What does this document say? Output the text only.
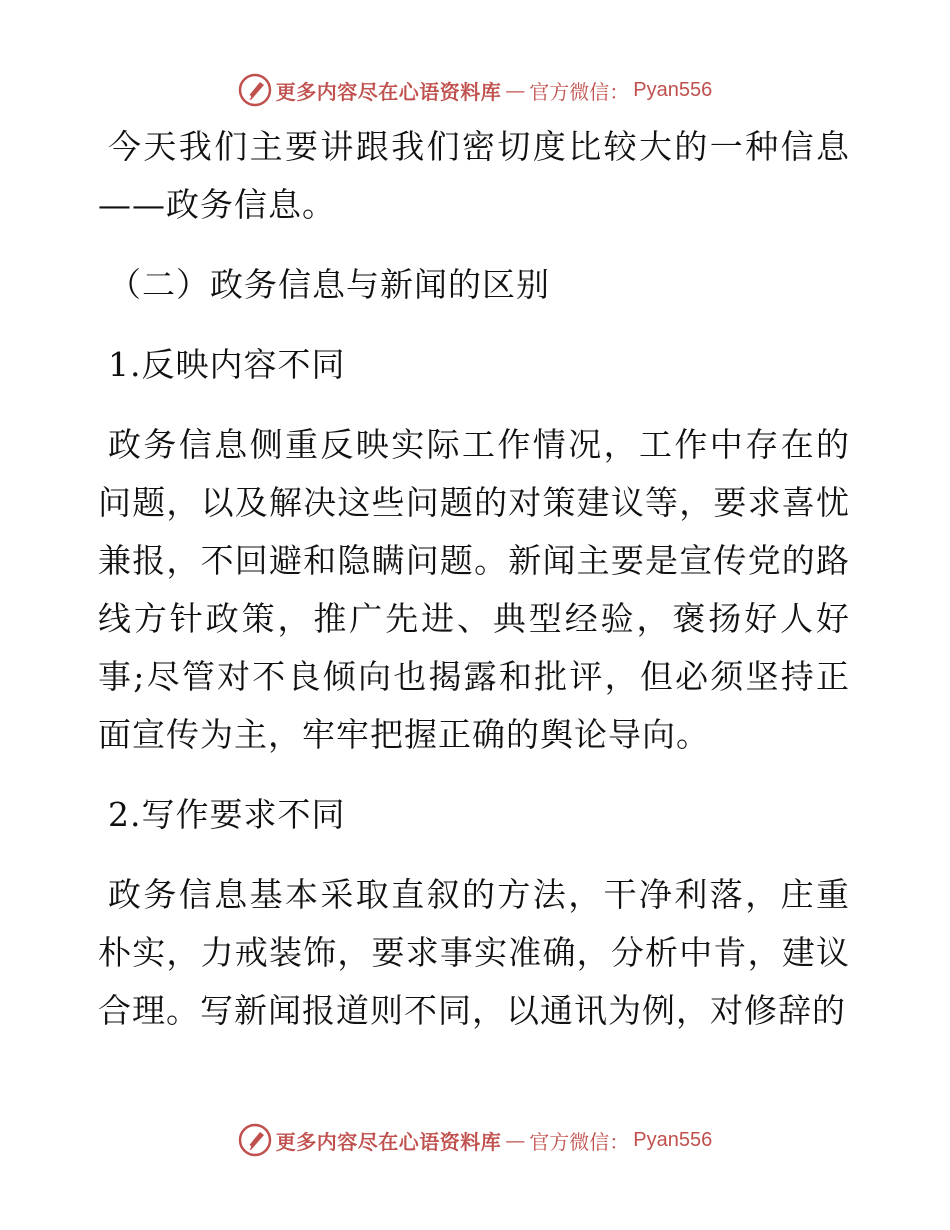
更多内容尽在心语资料库 — 官方微信： Pyan556

今天我们主要讲跟我们密切度比较大的一种信息——政务信息。

（二）政务信息与新闻的区别

1.反映内容不同

政务信息侧重反映实际工作情况，工作中存在的问题，以及解决这些问题的对策建议等，要求喜忧兼报，不回避和隐瞒问题。新闻主要是宣传党的路线方针政策，推广先进、典型经验，褒扬好人好事;尽管对不良倾向也揭露和批评，但必须坚持正面宣传为主，牢牢把握正确的舆论导向。

2.写作要求不同

政务信息基本采取直叙的方法，干净利落，庄重朴实，力戒装饰，要求事实准确，分析中肯，建议合理。写新闻报道则不同，以通讯为例，对修辞的

更多内容尽在心语资料库 — 官方微信： Pyan556
